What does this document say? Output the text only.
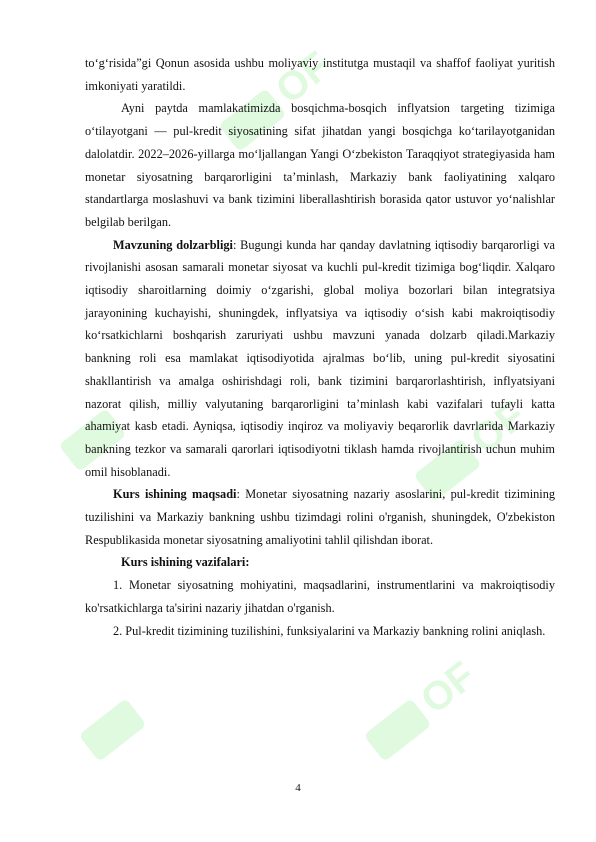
OF
OF
OF

to‘g‘risida”gi Qonun asosida ushbu moliyaviy institutga mustaqil va shaffof faoliyat yuritish imkoniyati yaratildi.

Ayni paytda mamlakatimizda bosqichma-bosqich inflyatsion targeting tizimiga o‘tilayotgani — pul-kredit siyosatining sifat jihatdan yangi bosqichga ko‘tarilayotganidan dalolatdir. 2022–2026-yillarga mo‘ljallangan Yangi O‘zbekiston Taraqqiyot strategiyasida ham monetar siyosatning barqarorligini ta’minlash, Markaziy bank faoliyatining xalqaro standartlarga moslashuvi va bank tizimini liberallashtirish borasida qator ustuvor yo‘nalishlar belgilab berilgan.

Mavzuning dolzarbligi: Bugungi kunda har qanday davlatning iqtisodiy barqarorligi va rivojlanishi asosan samarali monetar siyosat va kuchli pul-kredit tizimiga bog‘liqdir. Xalqaro iqtisodiy sharoitlarning doimiy o‘zgarishi, global moliya bozorlari bilan integratsiya jarayonining kuchayishi, shuningdek, inflyatsiya va iqtisodiy o‘sish kabi makroiqtisodiy ko‘rsatkichlarni boshqarish zaruriyati ushbu mavzuni yanada dolzarb qiladi.Markaziy bankning roli esa mamlakat iqtisodiyotida ajralmas bo‘lib, uning pul-kredit siyosatini shakllantirish va amalga oshirishdagi roli, bank tizimini barqarorlashtirish, inflyatsiyani nazorat qilish, milliy valyutaning barqarorligini ta’minlash kabi vazifalari tufayli katta ahamiyat kasb etadi. Ayniqsa, iqtisodiy inqiroz va moliyaviy beqarorlik davrlarida Markaziy bankning tezkor va samarali qarorlari iqtisodiyotni tiklash hamda rivojlantirish uchun muhim omil hisoblanadi.

Kurs ishining maqsadi: Monetar siyosatning nazariy asoslarini, pul-kredit tizimining tuzilishini va Markaziy bankning ushbu tizimdagi rolini o'rganish, shuningdek, O'zbekiston Respublikasida monetar siyosatning amaliyotini tahlil qilishdan iborat.

Kurs ishining vazifalari:

1. Monetar siyosatning mohiyatini, maqsadlarini, instrumentlarini va makroiqtisodiy ko'rsatkichlarga ta'sirini nazariy jihatdan o'rganish.

2. Pul-kredit tizimining tuzilishini, funksiyalarini va Markaziy bankning rolini aniqlash.

4
